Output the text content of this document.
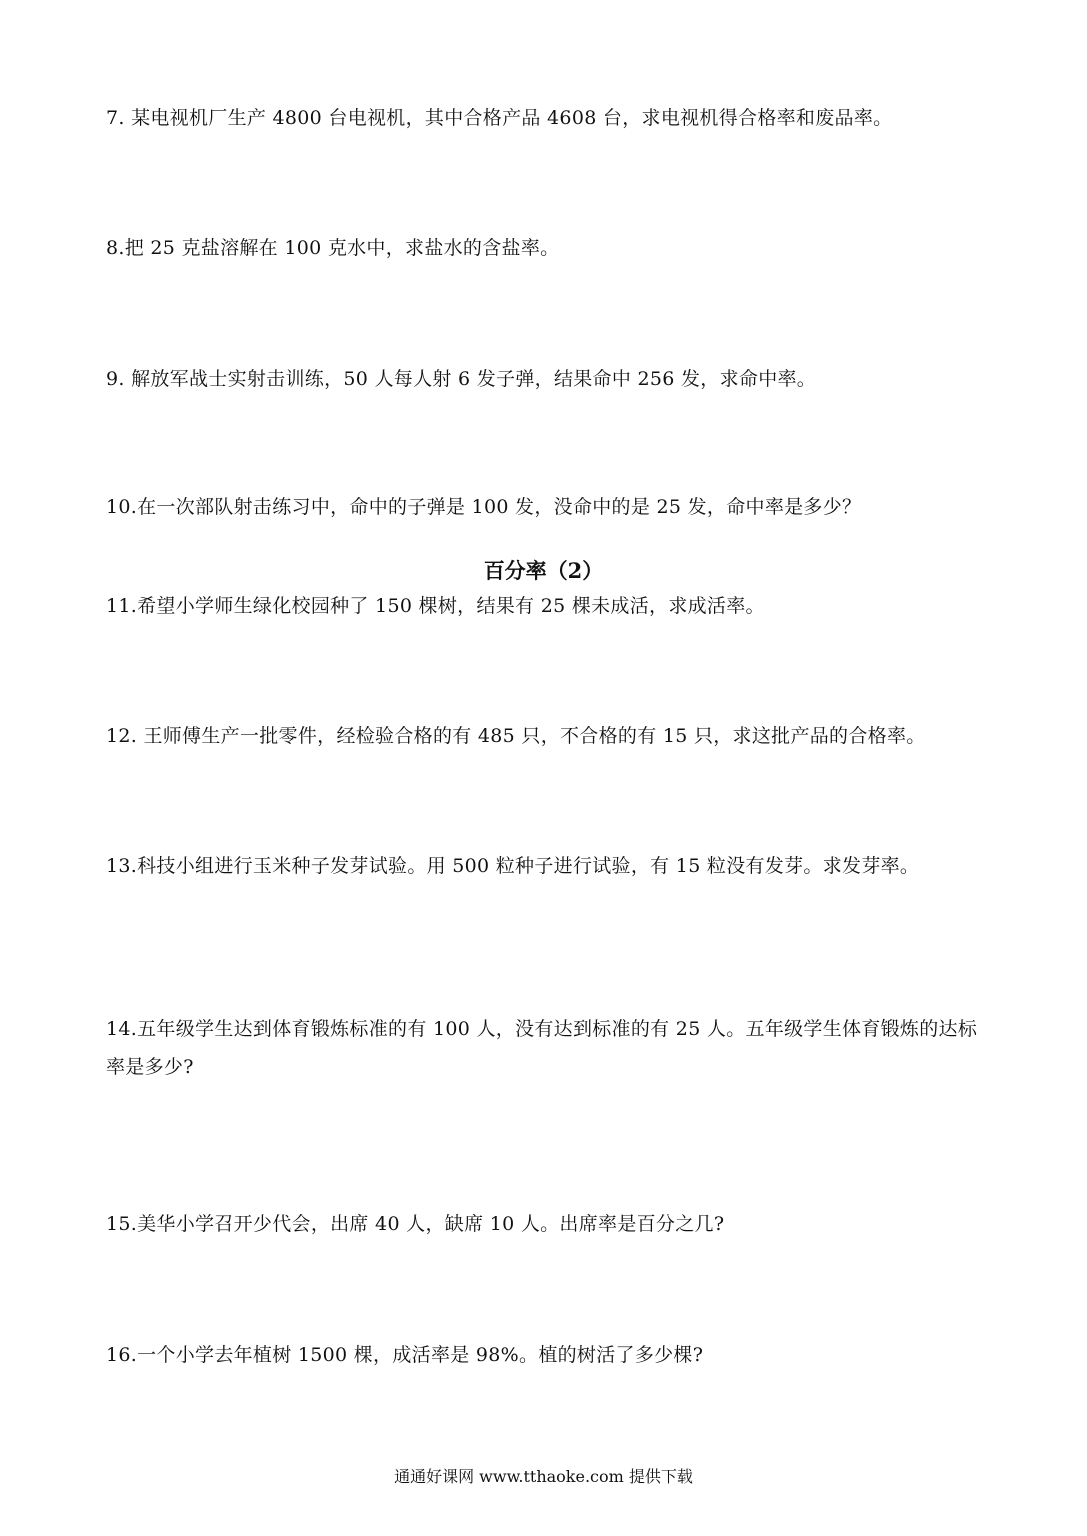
7. 某电视机厂生产 4800 台电视机，其中合格产品 4608 台，求电视机得合格率和废品率。
8.把 25 克盐溶解在 100 克水中，求盐水的含盐率。
9. 解放军战士实射击训练，50 人每人射 6 发子弹，结果命中 256 发，求命中率。
10.在一次部队射击练习中，命中的子弹是 100 发，没命中的是 25 发，命中率是多少？
百分率（2）
11.希望小学师生绿化校园种了 150 棵树，结果有 25 棵未成活，求成活率。
12. 王师傅生产一批零件，经检验合格的有 485 只，不合格的有 15 只，求这批产品的合格率。
13.科技小组进行玉米种子发芽试验。用 500 粒种子进行试验，有 15 粒没有发芽。求发芽率。
14.五年级学生达到体育锻炼标准的有 100 人，没有达到标准的有 25 人。五年级学生体育锻炼的达标率是多少?
15.美华小学召开少代会，出席 40 人，缺席 10 人。出席率是百分之几?
16.一个小学去年植树 1500 棵，成活率是 98%。植的树活了多少棵?
通通好课网 www.tthaoke.com 提供下载
